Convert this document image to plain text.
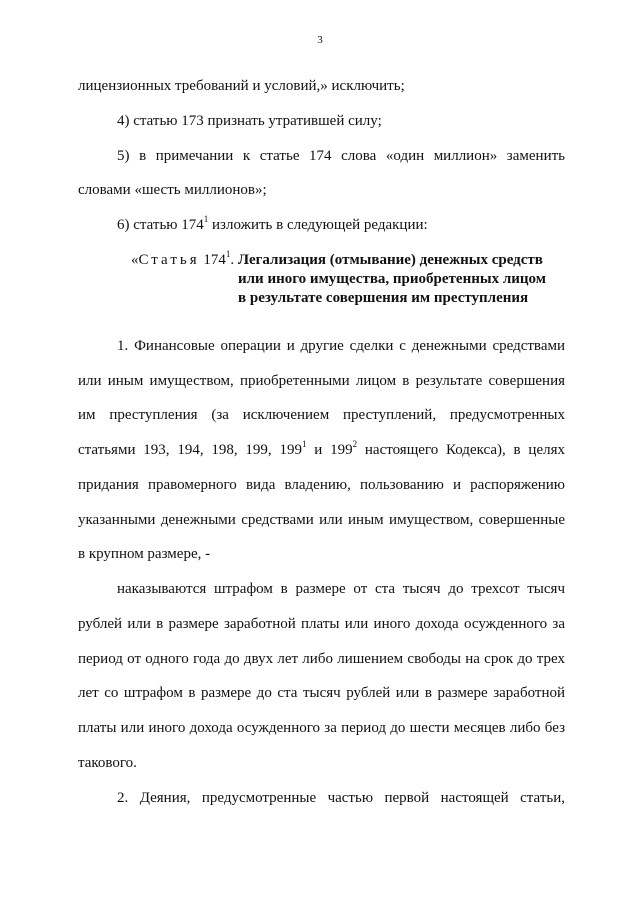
3
лицензионных требований и условий,» исключить;
4) статью 173 признать утратившей силу;
5) в примечании к статье 174 слова «один миллион» заменить
словами «шесть миллионов»;
6) статью $174^1$ изложить в следующей редакции:
«Статья $174^1$. Легализация (отмывание) денежных средств
или иного имущества, приобретенных лицом
в результате совершения им преступления
1. Финансовые операции и другие сделки с денежными средствами
или иным имуществом, приобретенными лицом в результате совершения
им преступления (за исключением преступлений, предусмотренных
статьями 193, 194, 198, 199, $199^1$ и $199^2$ настоящего Кодекса), в целях
придания правомерного вида владению, пользованию и распоряжению
указанными денежными средствами или иным имуществом, совершенные
в крупном размере, -
наказываются штрафом в размере от ста тысяч до трехсот тысяч
рублей или в размере заработной платы или иного дохода осужденного за
период от одного года до двух лет либо лишением свободы на срок до трех
лет со штрафом в размере до ста тысяч рублей или в размере заработной
платы или иного дохода осужденного за период до шести месяцев либо без
такового.
2. Деяния, предусмотренные частью первой настоящей статьи,
